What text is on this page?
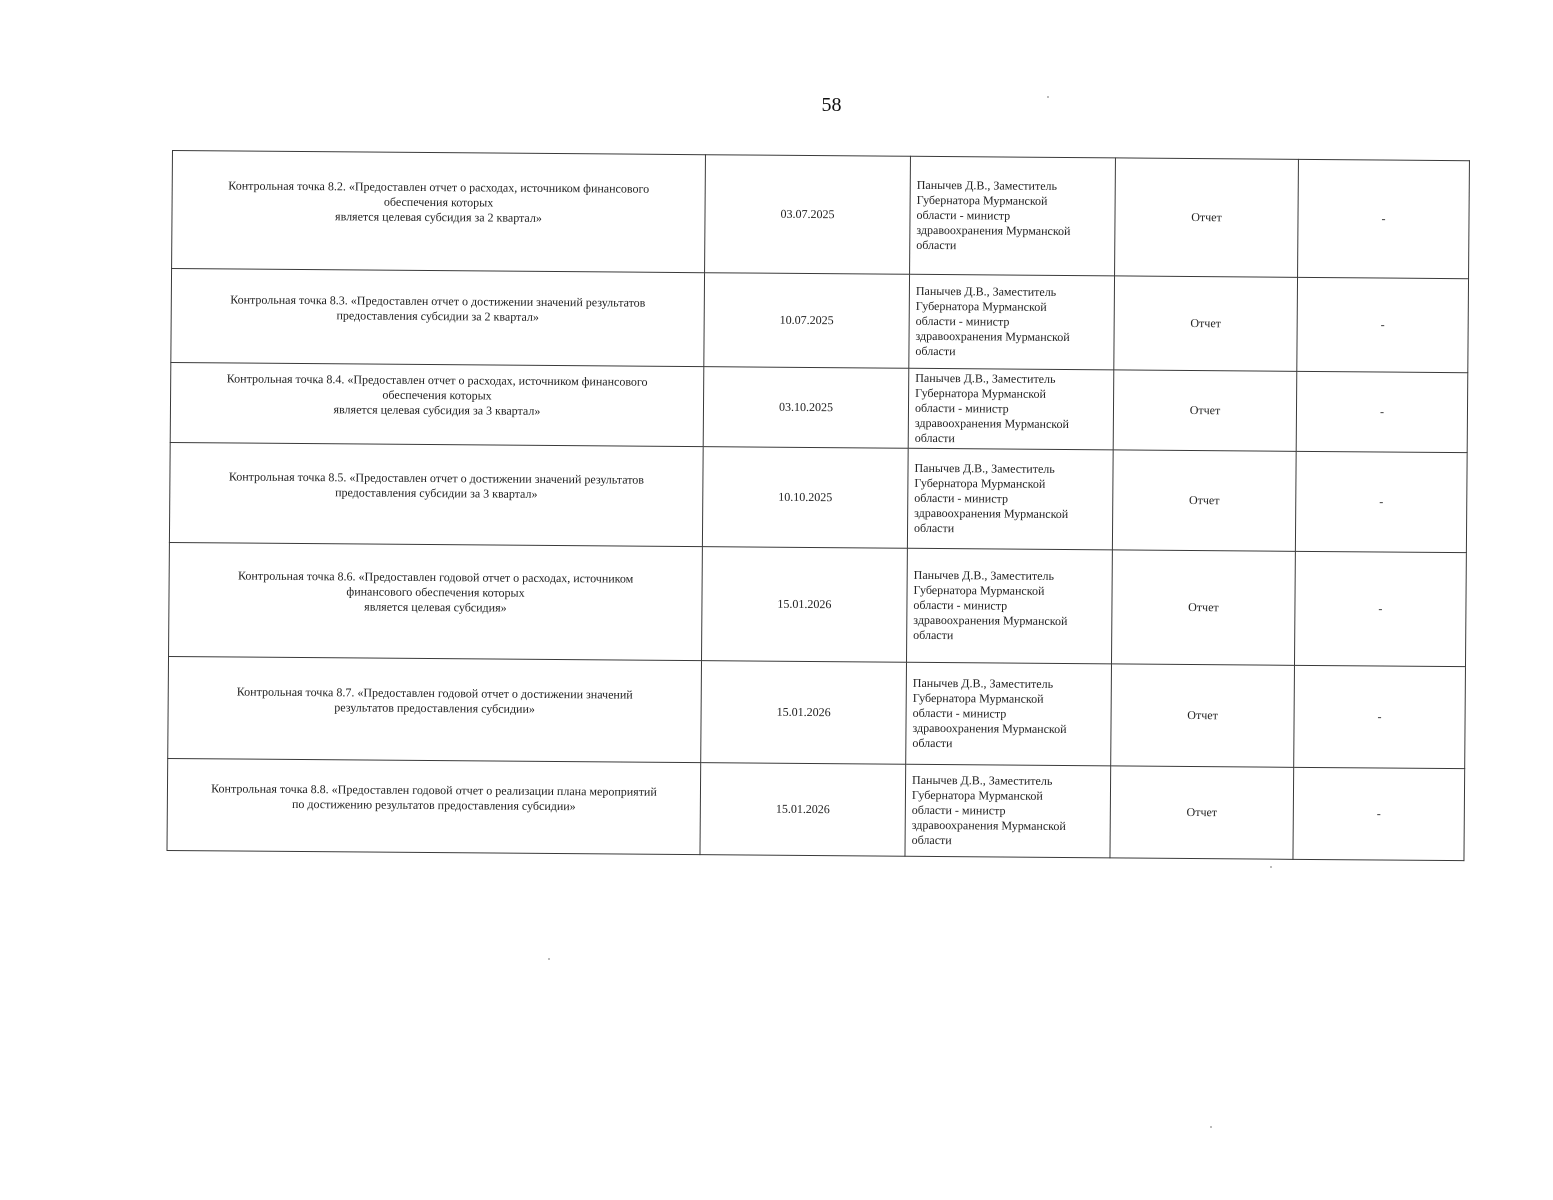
58
Контрольная точка 8.2. «Предоставлен отчет о расходах, источником финансового
обеспечения которых
является целевая субсидия за 2 квартал»	03.07.2025	Панычев Д.В., Заместитель
Губернатора Мурманской
области - министр
здравоохранения Мурманской
области	Отчет	-

Контрольная точка 8.3. «Предоставлен отчет о достижении значений результатов
предоставления субсидии за 2 квартал»	10.07.2025	Панычев Д.В., Заместитель
Губернатора Мурманской
области - министр
здравоохранения Мурманской
области	Отчет	-

Контрольная точка 8.4. «Предоставлен отчет о расходах, источником финансового
обеспечения которых
является целевая субсидия за 3 квартал»	03.10.2025	Панычев Д.В., Заместитель
Губернатора Мурманской
области - министр
здравоохранения Мурманской
области	Отчет	-

Контрольная точка 8.5. «Предоставлен отчет о достижении значений результатов
предоставления субсидии за 3 квартал»	10.10.2025	Панычев Д.В., Заместитель
Губернатора Мурманской
области - министр
здравоохранения Мурманской
области	Отчет	-

Контрольная точка 8.6. «Предоставлен годовой отчет о расходах, источником
финансового обеспечения которых
является целевая субсидия»	15.01.2026	Панычев Д.В., Заместитель
Губернатора Мурманской
области - министр
здравоохранения Мурманской
области	Отчет	-

Контрольная точка 8.7. «Предоставлен годовой отчет о достижении значений
результатов предоставления субсидии»	15.01.2026	Панычев Д.В., Заместитель
Губернатора Мурманской
области - министр
здравоохранения Мурманской
области	Отчет	-

Контрольная точка 8.8. «Предоставлен годовой отчет о реализации плана мероприятий
по достижению результатов предоставления субсидии»	15.01.2026	Панычев Д.В., Заместитель
Губернатора Мурманской
области - министр
здравоохранения Мурманской
области	Отчет	-
